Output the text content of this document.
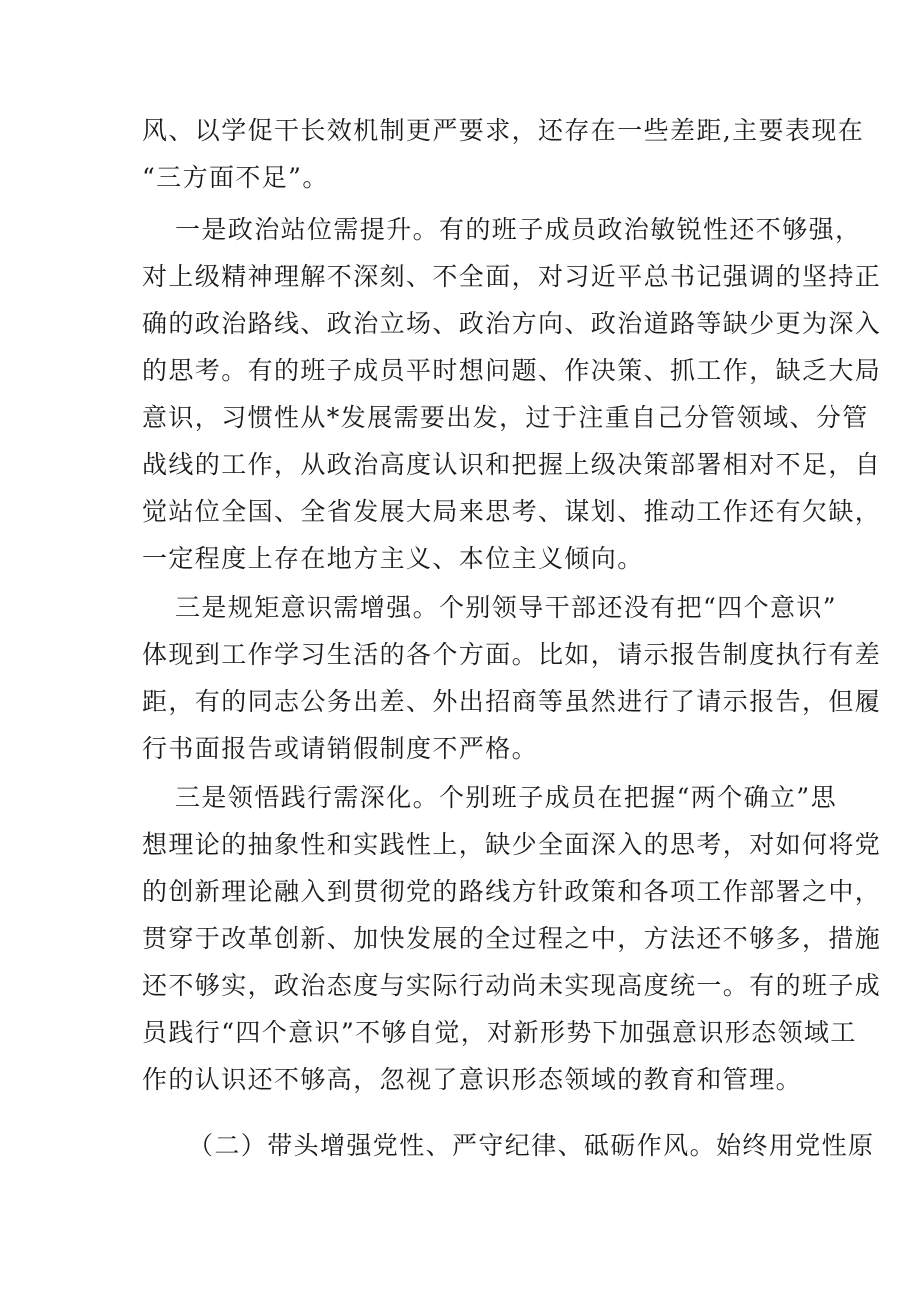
风、以学促干长效机制更严要求，还存在一些差距,主要表现在
“三方面不足”。
一是政治站位需提升。有的班子成员政治敏锐性还不够强，
对上级精神理解不深刻、不全面，对习近平总书记强调的坚持正
确的政治路线、政治立场、政治方向、政治道路等缺少更为深入
的思考。有的班子成员平时想问题、作决策、抓工作，缺乏大局
意识，习惯性从*发展需要出发，过于注重自己分管领域、分管
战线的工作，从政治高度认识和把握上级决策部署相对不足，自
觉站位全国、全省发展大局来思考、谋划、推动工作还有欠缺，
一定程度上存在地方主义、本位主义倾向。
三是规矩意识需增强。个别领导干部还没有把“四个意识”
体现到工作学习生活的各个方面。比如，请示报告制度执行有差
距，有的同志公务出差、外出招商等虽然进行了请示报告，但履
行书面报告或请销假制度不严格。
三是领悟践行需深化。个别班子成员在把握“两个确立”思
想理论的抽象性和实践性上，缺少全面深入的思考，对如何将党
的创新理论融入到贯彻党的路线方针政策和各项工作部署之中，
贯穿于改革创新、加快发展的全过程之中，方法还不够多，措施
还不够实，政治态度与实际行动尚未实现高度统一。有的班子成
员践行“四个意识”不够自觉，对新形势下加强意识形态领域工
作的认识还不够高，忽视了意识形态领域的教育和管理。
（二）带头增强党性、严守纪律、砥砺作风。始终用党性原
